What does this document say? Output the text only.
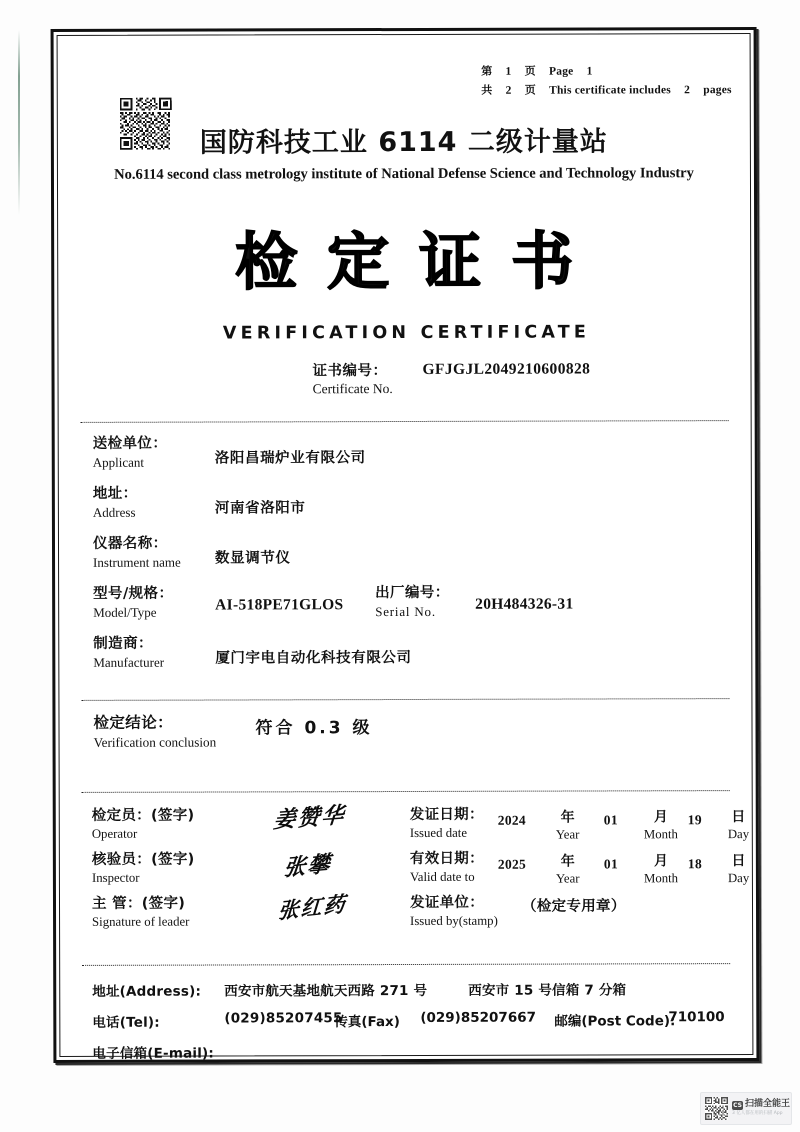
第 1 页 Page 1
共 2 页 This certificate includes 2 pages
国防科技工业 6114 二级计量站
No.6114 second class metrology institute of National Defense Science and Technology Industry
检定证书
VERIFICATION CERTIFICATE
证书编号：
Certificate No.
GFJGJL2049210600828
送检单位：
Applicant	洛阳昌瑞炉业有限公司
地址：
Address	河南省洛阳市
仪器名称：
Instrument name 数显调节仪
型号/规格：
Model/Type	AI-518PE71GLOS
出厂编号：
Serial No.	20H484326-31
制造商：
Manufacturer	厦门宇电自动化科技有限公司
检定结论：
Verification conclusion
符合 0.3 级
检定员：(签字)
Operator
姜赞华	发证日期：
Issued date
2024	年
Year
01	月
Month
19 日
Day
核验员：(签字)
Inspector	张攀	有效日期：
Valid date to
2025	年
Year
01	月
Month
18 日
Day
主 管：(签字)
Signature of leader	张红药	发证单位：
Issued by(stamp)
（检定专用章）
地址(Address): 西安市航天基地航天西路 271 号	西安市 15 号信箱 7 分箱
电话(Tel):	(029)85207455
传真(Fax) (029)85207667 邮编(Post Code):
710100
电子信箱(E-mail):
CS 扫描全能王
3 亿人都在用的扫描 App
